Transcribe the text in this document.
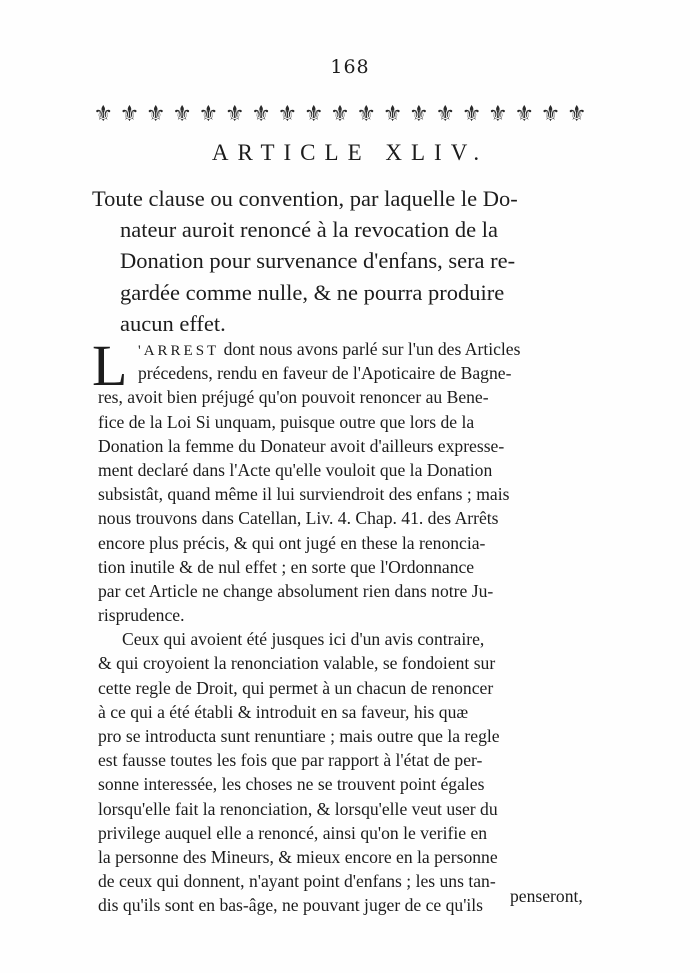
168
⚜ ⚜ ⚜ ⚜ ⚜ ⚜ ⚜ ⚜ ⚜ ⚜ ⚜ ⚜ ⚜ ⚜ ⚜ ⚜ ⚜ ⚜ ⚜
ARTICLE XLIV.
Toute clause ou convention, par laquelle le Do-
nateur auroit renoncé à la revocation de la
Donation pour survenance d'enfans, sera re-
gardée comme nulle, & ne pourra produire
aucun effet.
L 'ARREST dont nous avons parlé sur l'un des Articles
précedens, rendu en faveur de l'Apoticaire de Bagne-
res, avoit bien préjugé qu'on pouvoit renoncer au Bene-
fice de la Loi Si unquam, puisque outre que lors de la
Donation la femme du Donateur avoit d'ailleurs expresse-
ment declaré dans l'Acte qu'elle vouloit que la Donation
subsistât, quand même il lui surviendroit des enfans ; mais
nous trouvons dans Catellan, Liv. 4. Chap. 41. des Arrêts
encore plus précis, & qui ont jugé en these la renoncia-
tion inutile & de nul effet ; en sorte que l'Ordonnance
par cet Article ne change absolument rien dans notre Ju-
risprudence.
Ceux qui avoient été jusques ici d'un avis contraire,
& qui croyoient la renonciation valable, se fondoient sur
cette regle de Droit, qui permet à un chacun de renoncer
à ce qui a été établi & introduit en sa faveur, his quæ
pro se introducta sunt renuntiare ; mais outre que la regle
est fausse toutes les fois que par rapport à l'état de per-
sonne interessée, les choses ne se trouvent point égales
lorsqu'elle fait la renonciation, & lorsqu'elle veut user du
privilege auquel elle a renoncé, ainsi qu'on le verifie en
la personne des Mineurs, & mieux encore en la personne
de ceux qui donnent, n'ayant point d'enfans ; les uns tan-
dis qu'ils sont en bas-âge, ne pouvant juger de ce qu'ils	penseront,
